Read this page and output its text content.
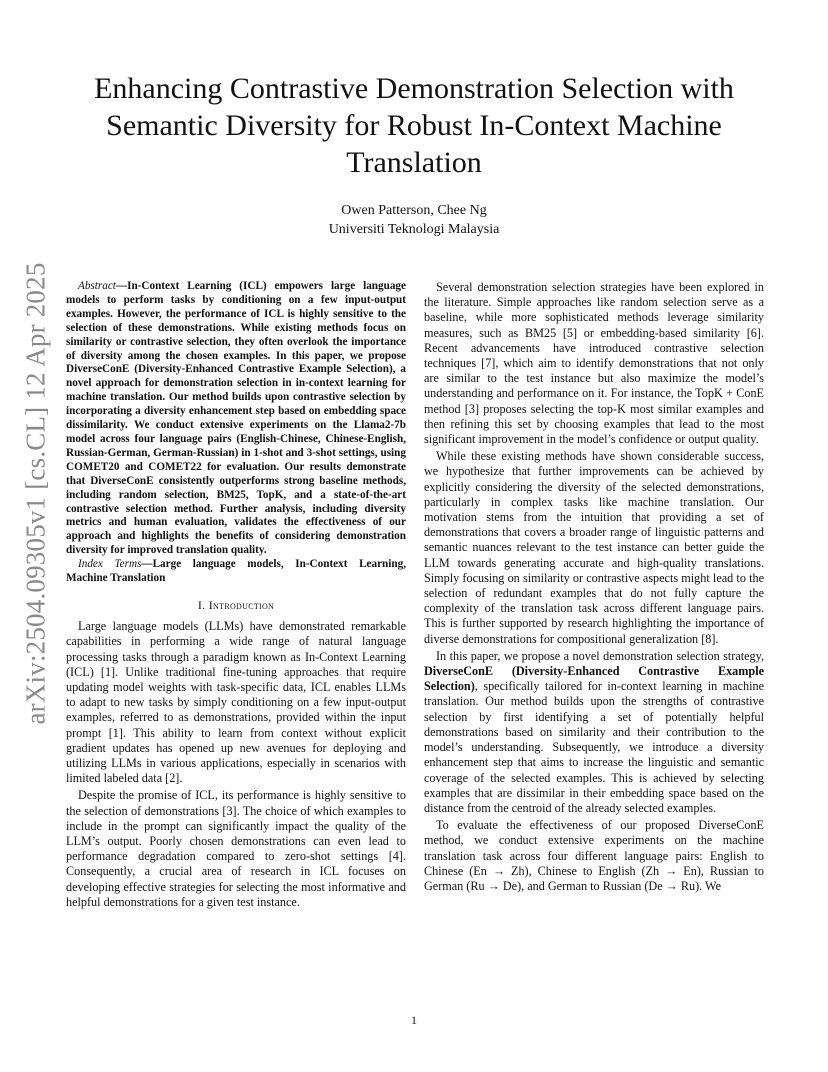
arXiv:2504.09305v1 [cs.CL] 12 Apr 2025
Enhancing Contrastive Demonstration Selection with Semantic Diversity for Robust In-Context Machine Translation
Owen Patterson, Chee Ng
Universiti Teknologi Malaysia

Abstract—In-Context Learning (ICL) empowers large language models to perform tasks by conditioning on a few input-output examples. However, the performance of ICL is highly sensitive to the selection of these demonstrations. While existing methods focus on similarity or contrastive selection, they often overlook the importance of diversity among the chosen examples. In this paper, we propose DiverseConE (Diversity-Enhanced Contrastive Example Selection), a novel approach for demonstration selection in in-context learning for machine translation. Our method builds upon contrastive selection by incorporating a diversity enhancement step based on embedding space dissimilarity. We conduct extensive experiments on the Llama2-7b model across four language pairs (English-Chinese, Chinese-English, Russian-German, German-Russian) in 1-shot and 3-shot settings, using COMET20 and COMET22 for evaluation. Our results demonstrate that DiverseConE consistently outperforms strong baseline methods, including random selection, BM25, TopK, and a state-of-the-art contrastive selection method. Further analysis, including diversity metrics and human evaluation, validates the effectiveness of our approach and highlights the benefits of considering demonstration diversity for improved translation quality.

Index Terms—Large language models, In-Context Learning, Machine Translation

I. Introduction

Large language models (LLMs) have demonstrated remarkable capabilities in performing a wide range of natural language processing tasks through a paradigm known as In-Context Learning (ICL) [1]. Unlike traditional fine-tuning approaches that require updating model weights with task-specific data, ICL enables LLMs to adapt to new tasks by simply conditioning on a few input-output examples, referred to as demonstrations, provided within the input prompt [1]. This ability to learn from context without explicit gradient updates has opened up new avenues for deploying and utilizing LLMs in various applications, especially in scenarios with limited labeled data [2].

Despite the promise of ICL, its performance is highly sensitive to the selection of demonstrations [3]. The choice of which examples to include in the prompt can significantly impact the quality of the LLM’s output. Poorly chosen demonstrations can even lead to performance degradation compared to zero-shot settings [4]. Consequently, a crucial area of research in ICL focuses on developing effective strategies for selecting the most informative and helpful demonstrations for a given test instance.

Several demonstration selection strategies have been explored in the literature. Simple approaches like random selection serve as a baseline, while more sophisticated methods leverage similarity measures, such as BM25 [5] or embedding-based similarity [6]. Recent advancements have introduced contrastive selection techniques [7], which aim to identify demonstrations that not only are similar to the test instance but also maximize the model’s understanding and performance on it. For instance, the TopK + ConE method [3] proposes selecting the top-K most similar examples and then refining this set by choosing examples that lead to the most significant improvement in the model’s confidence or output quality.

While these existing methods have shown considerable success, we hypothesize that further improvements can be achieved by explicitly considering the diversity of the selected demonstrations, particularly in complex tasks like machine translation. Our motivation stems from the intuition that providing a set of demonstrations that covers a broader range of linguistic patterns and semantic nuances relevant to the test instance can better guide the LLM towards generating accurate and high-quality translations. Simply focusing on similarity or contrastive aspects might lead to the selection of redundant examples that do not fully capture the complexity of the translation task across different language pairs. This is further supported by research highlighting the importance of diverse demonstrations for compositional generalization [8].

In this paper, we propose a novel demonstration selection strategy, DiverseConE (Diversity-Enhanced Contrastive Example Selection), specifically tailored for in-context learning in machine translation. Our method builds upon the strengths of contrastive selection by first identifying a set of potentially helpful demonstrations based on similarity and their contribution to the model’s understanding. Subsequently, we introduce a diversity enhancement step that aims to increase the linguistic and semantic coverage of the selected examples. This is achieved by selecting examples that are dissimilar in their embedding space based on the distance from the centroid of the already selected examples.

To evaluate the effectiveness of our proposed DiverseConE method, we conduct extensive experiments on the machine translation task across four different language pairs: English to Chinese (En → Zh), Chinese to English (Zh → En), Russian to German (Ru → De), and German to Russian (De → Ru). We

1
